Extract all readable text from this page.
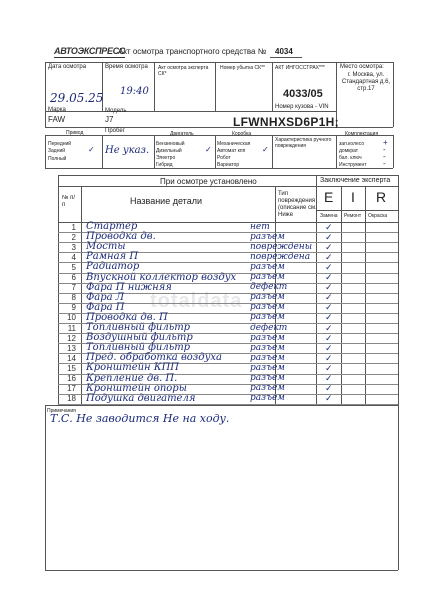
АВТОЭКСПРЕСС
Акт осмотра транспортного средства № 4034
Дата осмотра
29.05.25
Время осмотра
19:40
Акт осмотра эксперта СК*
Номер убытка СК**	АКТ ИНГОССТРАХ***
4033/05
Место осмотра:
г. Москва, ул. Стандартная д.6, стр.17
Марка
FAW
Модель
J7
Номер кузова - VIN
LFWNHXSD6P1H;
Привод
Передний
Задний	✓
Полный
Пробег
Не указ.
Двигатель
Бензиновый
Дизельный	✓
Электро
Гибрид
Коробка
Механическая
Автомат кпп ✓
Робот
Вариатор
Характеристика ручного повреждения
Комплектация
зап.колесо +
домкрат	-
бал. ключ	-
Инструмент -
При осмотре установлено	Заключение эксперта
№ п/п	Название детали
Тип повреждения (описание см. Ниже
E I R
Замена Ремонт Окраска
1 Стартер	нет	✓
2 Проводка дв.	разъем	✓
3 Мосты	повреждены ✓
4 Рамная П	повреждена ✓
5 Радиатор	разъем	✓
6 Впускной коллектор воздух разъем	✓
7 Фара П нижняя	дефект	✓
8 Фара Л	разъем	✓
9 Фара П	разъем	✓
10 Проводка дв. П	разъем	✓
11 Топливный фильтр	дефект	✓
12 Воздушный фильтр	разъем	✓
13 Топливный фильтр	разъем	✓
14 Пред. обработка воздуха	разъем	✓
15 Кронштейн КПП	разъем	✓
16 Крепление дв. П.	разъем	✓
17 Кронштейн опоры	разъем	✓
18 Подушка двигателя	разъем	✓
Примечания
Т.С. Не заводится Не на ходу.
totaldata
